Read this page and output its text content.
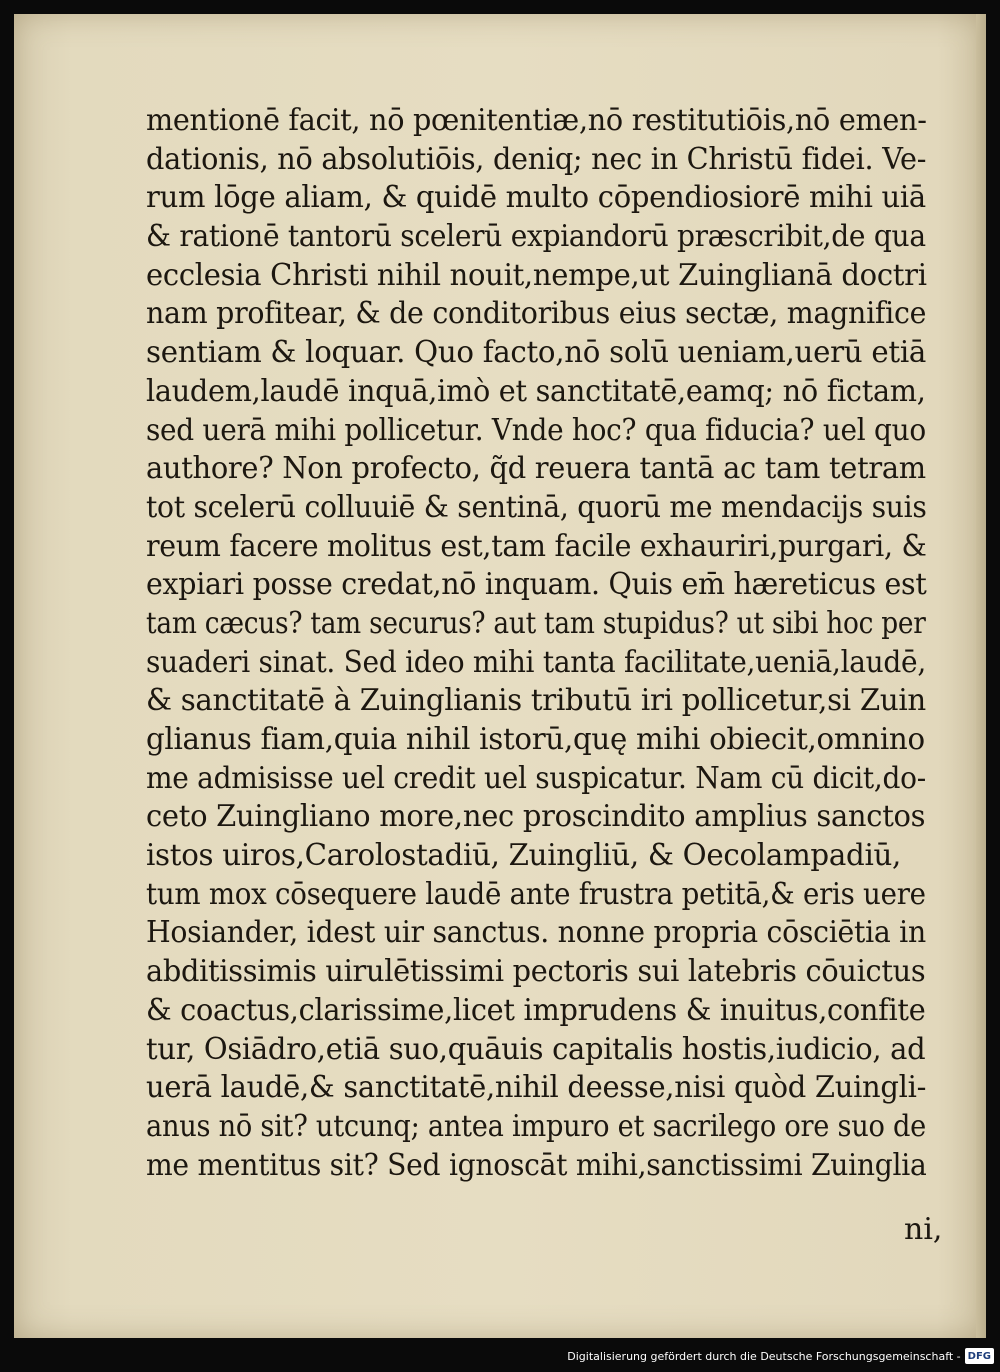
mentionē facit, nō pœnitentiæ,nō restitutiōis,nō emen-
dationis, nō absolutiōis, deniq; nec in Christū fidei. Ve-
rum lōge aliam, & quidē multo cōpendiosiorē mihi uiā
& rationē tantorū scelerū expiandorū præscribit,de qua
ecclesia Christi nihil nouit,nempe,ut Zuinglianā doctri
nam profitear, & de conditoribus eius sectæ, magnifice
sentiam & loquar. Quo facto,nō solū ueniam,uerū etiā
laudem,laudē inquā,imò et sanctitatē,eamq; nō fictam,
sed uerā mihi pollicetur. Vnde hoc? qua fiducia? uel quo
authore? Non profecto, q̃d reuera tantā ac tam tetram
tot scelerū colluuiē & sentinā, quorū me mendacijs suis
reum facere molitus est,tam facile exhauriri,purgari, &
expiari posse credat,nō inquam. Quis em̄ hæreticus est
tam cæcus? tam securus? aut tam stupidus? ut sibi hoc per
suaderi sinat. Sed ideo mihi tanta facilitate,ueniā,laudē,
& sanctitatē à Zuinglianis tributū iri pollicetur,si Zuin
glianus fiam,quia nihil istorū,quę mihi obiecit,omnino
me admisisse uel credit uel suspicatur. Nam cū dicit,do-
ceto Zuingliano more,nec proscindito amplius sanctos
istos uiros,Carolostadiū, Zuingliū, & Oecolampadiū,
tum mox cōsequere laudē ante frustra petitā,& eris uere
Hosiander, idest uir sanctus. nonne propria cōsciētia in
abditissimis uirulētissimi pectoris sui latebris cōuictus
& coactus,clarissime,licet imprudens & inuitus,confite
tur, Osiādro,etiā suo,quāuis capitalis hostis,iudicio, ad
uerā laudē,& sanctitatē,nihil deesse,nisi quòd Zuingli-
anus nō sit? utcunq; antea impuro et sacrilego ore suo de
me mentitus sit? Sed ignoscāt mihi,sanctissimi Zuinglia
ni,
Digitalisierung gefördert durch die Deutsche Forschungsgemeinschaft - DFG
